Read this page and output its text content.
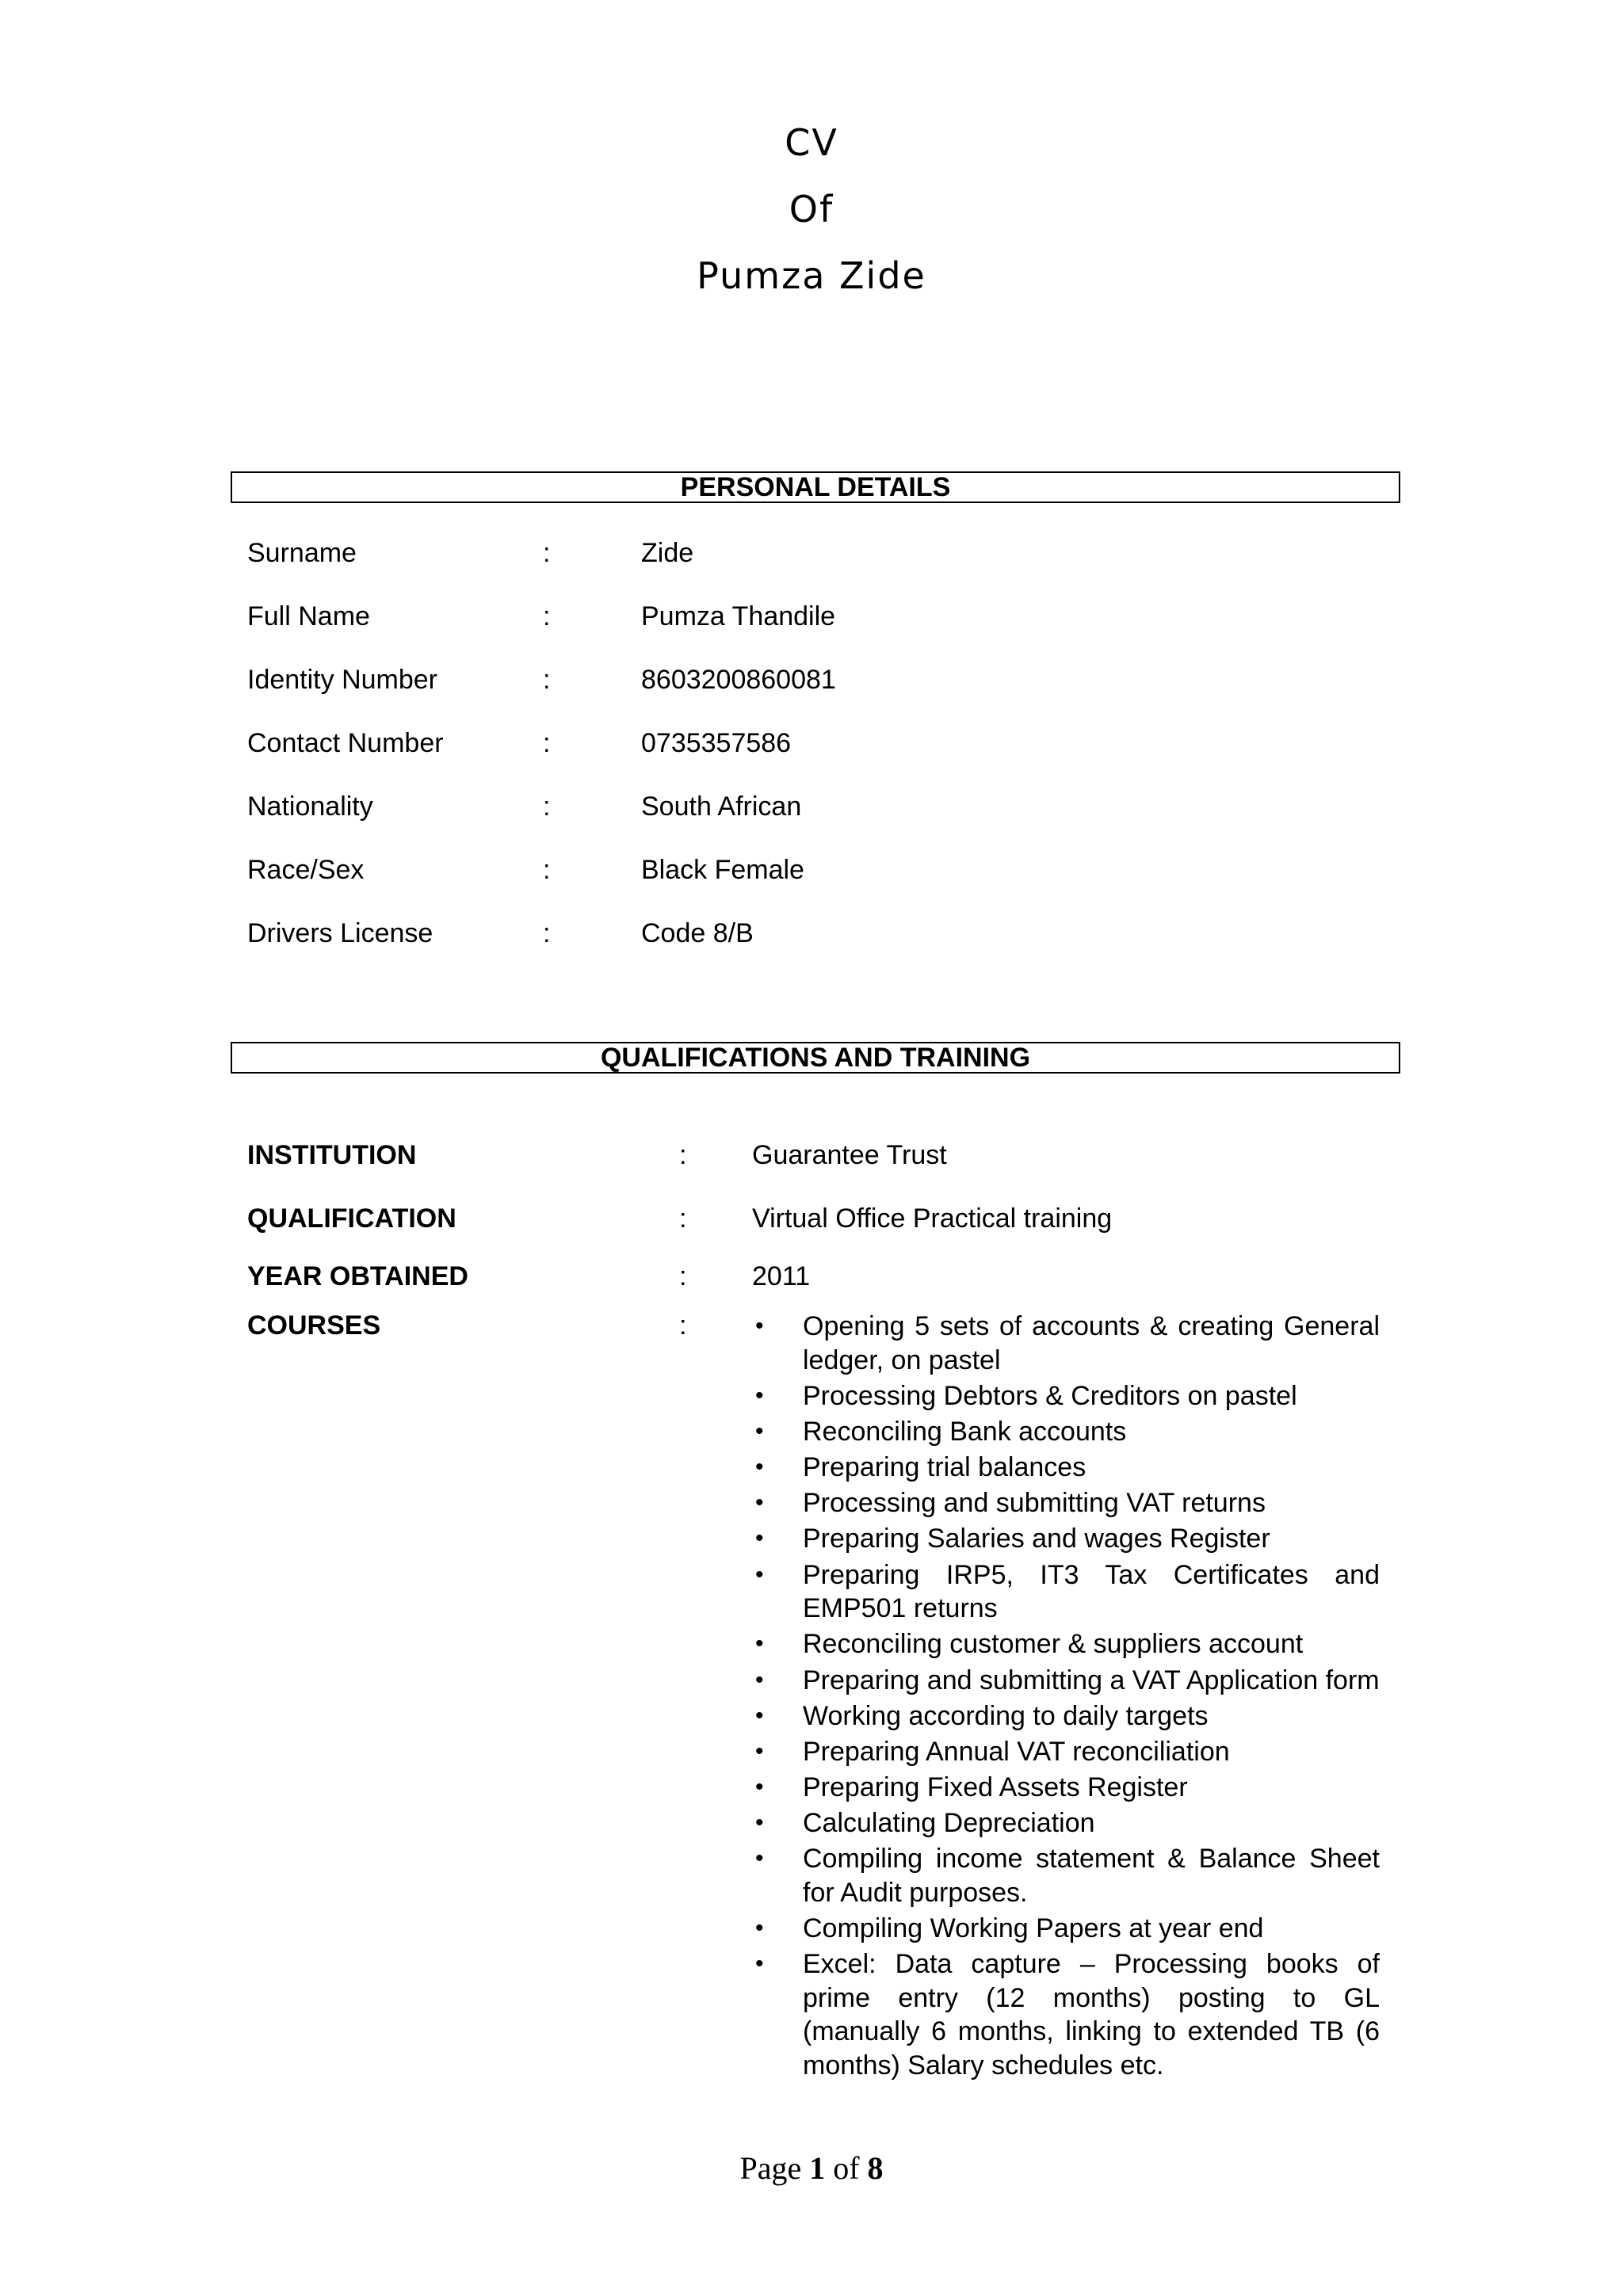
CV
Of
Pumza Zide
PERSONAL DETAILS
Surname	:	Zide
Full Name	:	Pumza Thandile
Identity Number	:	8603200860081
Contact Number	:	0735357586
Nationality	:	South African
Race/Sex	:	Black Female
Drivers License	:	Code 8/B
QUALIFICATIONS AND TRAINING
INSTITUTION	: Guarantee Trust
QUALIFICATION	: Virtual Office Practical training
YEAR OBTAINED	: 2011
COURSES	:	• Opening 5 sets of accounts & creating General ledger, on pastel
• Processing Debtors & Creditors on pastel
• Reconciling Bank accounts
• Preparing trial balances
• Processing and submitting VAT returns
• Preparing Salaries and wages Register
• Preparing IRP5, IT3 Tax Certificates and EMP501 returns
• Reconciling customer & suppliers account
• Preparing and submitting a VAT Application form
• Working according to daily targets
• Preparing Annual VAT reconciliation
• Preparing Fixed Assets Register
• Calculating Depreciation
• Compiling income statement & Balance Sheet for Audit purposes.
• Compiling Working Papers at year end
• Excel: Data capture – Processing books of prime entry (12 months) posting to GL (manually 6 months, linking to extended TB (6 months) Salary schedules etc.
Page 1 of 8
